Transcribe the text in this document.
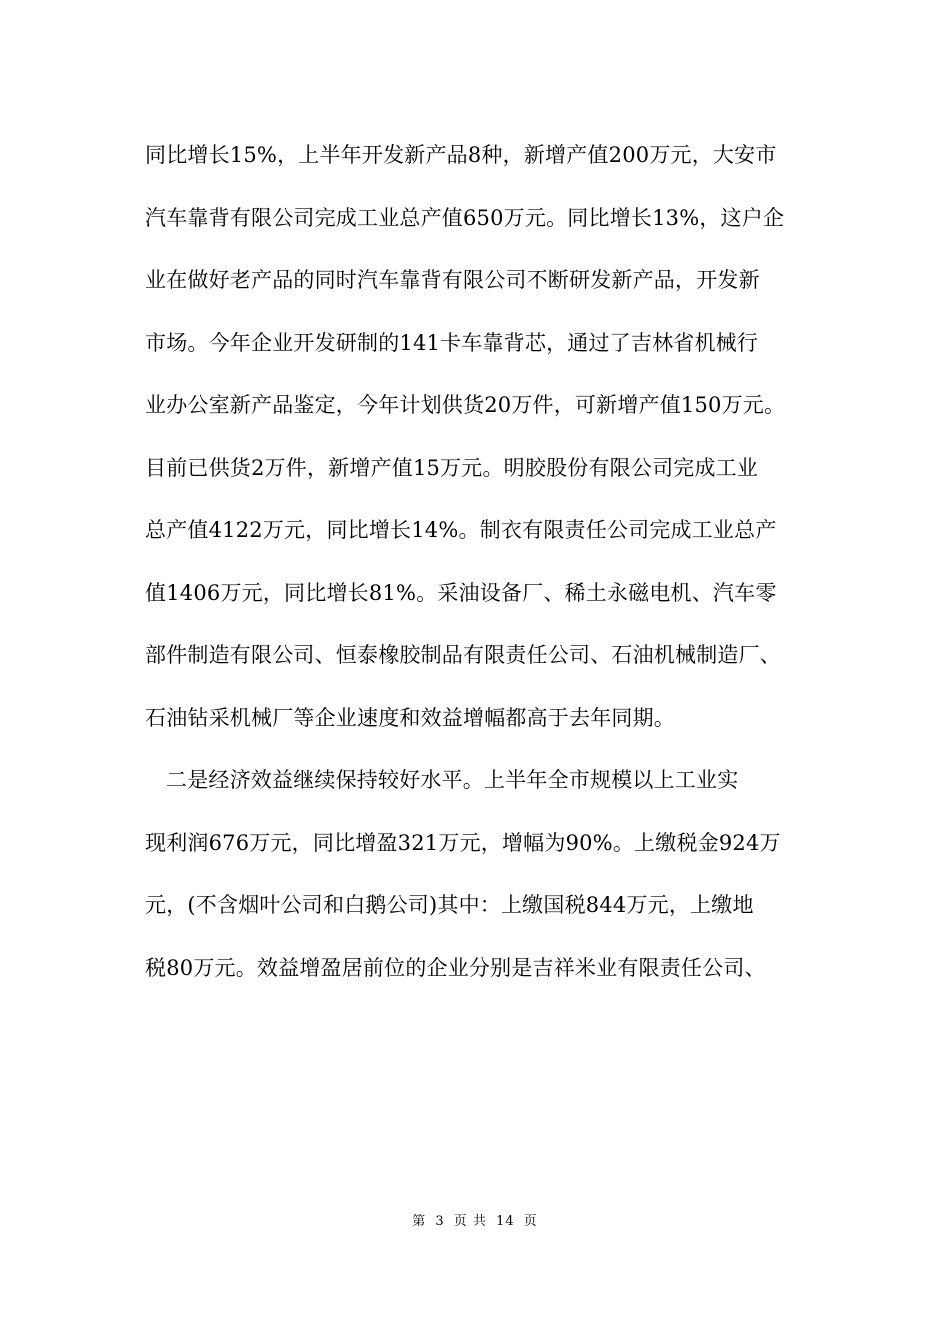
同比增长15%，上半年开发新产品8种，新增产值200万元，大安市
汽车靠背有限公司完成工业总产值650万元。同比增长13%，这户企
业在做好老产品的同时汽车靠背有限公司不断研发新产品，开发新
市场。今年企业开发研制的141卡车靠背芯，通过了吉林省机械行
业办公室新产品鉴定，今年计划供货20万件，可新增产值150万元。
目前已供货2万件，新增产值15万元。明胶股份有限公司完成工业
总产值4122万元，同比增长14%。制衣有限责任公司完成工业总产
值1406万元，同比增长81%。采油设备厂、稀土永磁电机、汽车零
部件制造有限公司、恒泰橡胶制品有限责任公司、石油机械制造厂、
石油钻采机械厂等企业速度和效益增幅都高于去年同期。
二是经济效益继续保持较好水平。上半年全市规模以上工业实
现利润676万元，同比增盈321万元，增幅为90%。上缴税金924万
元，(不含烟叶公司和白鹅公司)其中：上缴国税844万元，上缴地
税80万元。效益增盈居前位的企业分别是吉祥米业有限责任公司、
第 3 页 共 14 页
